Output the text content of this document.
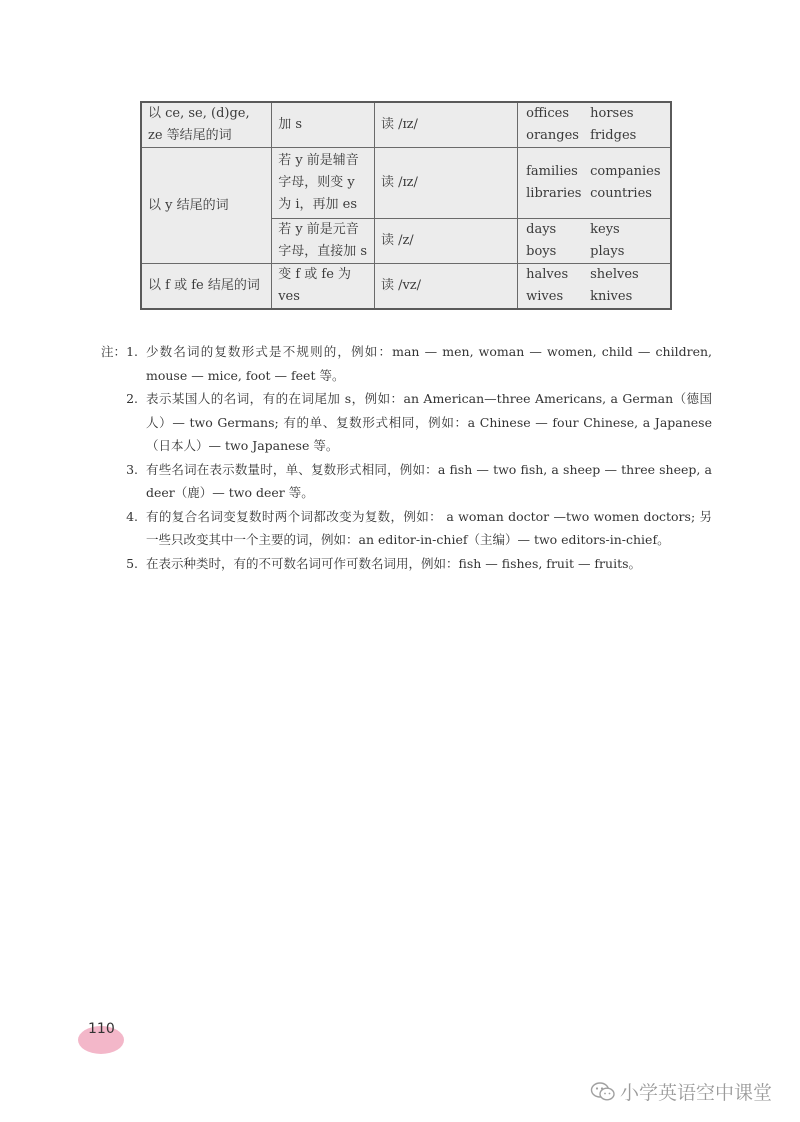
以 ce, se, (d)ge, ze 等结尾的词	加 s	读 /ɪz/	offices horses
oranges fridges

以 y 结尾的词	若 y 前是辅音字母，则变 y 为 i，再加 es	读 /ɪz/	families companies
libraries countries

	若 y 前是元音字母，直接加 s	读 /z/	days keys
boys plays

以 f 或 fe 结尾的词	变 f 或 fe 为 ves	读 /vz/	halves shelves
wives knives
注：1. 少数名词的复数形式是不规则的，例如：man — men, woman — women, child — children, mouse — mice, foot — feet 等。
2. 表示某国人的名词，有的在词尾加 s，例如：an American—three Americans, a German（德国人）— two Germans; 有的单、复数形式相同，例如：a Chinese — four Chinese, a Japanese（日本人）— two Japanese 等。
3. 有些名词在表示数量时，单、复数形式相同，例如：a fish — two fish, a sheep — three sheep, a deer（鹿）— two deer 等。
4. 有的复合名词变复数时两个词都改变为复数，例如： a woman doctor —two women doctors; 另一些只改变其中一个主要的词，例如：an editor-in-chief（主编）— two editors-in-chief。
5. 在表示种类时，有的不可数名词可作可数名词用，例如：fish — fishes, fruit — fruits。
110
小学英语空中课堂
